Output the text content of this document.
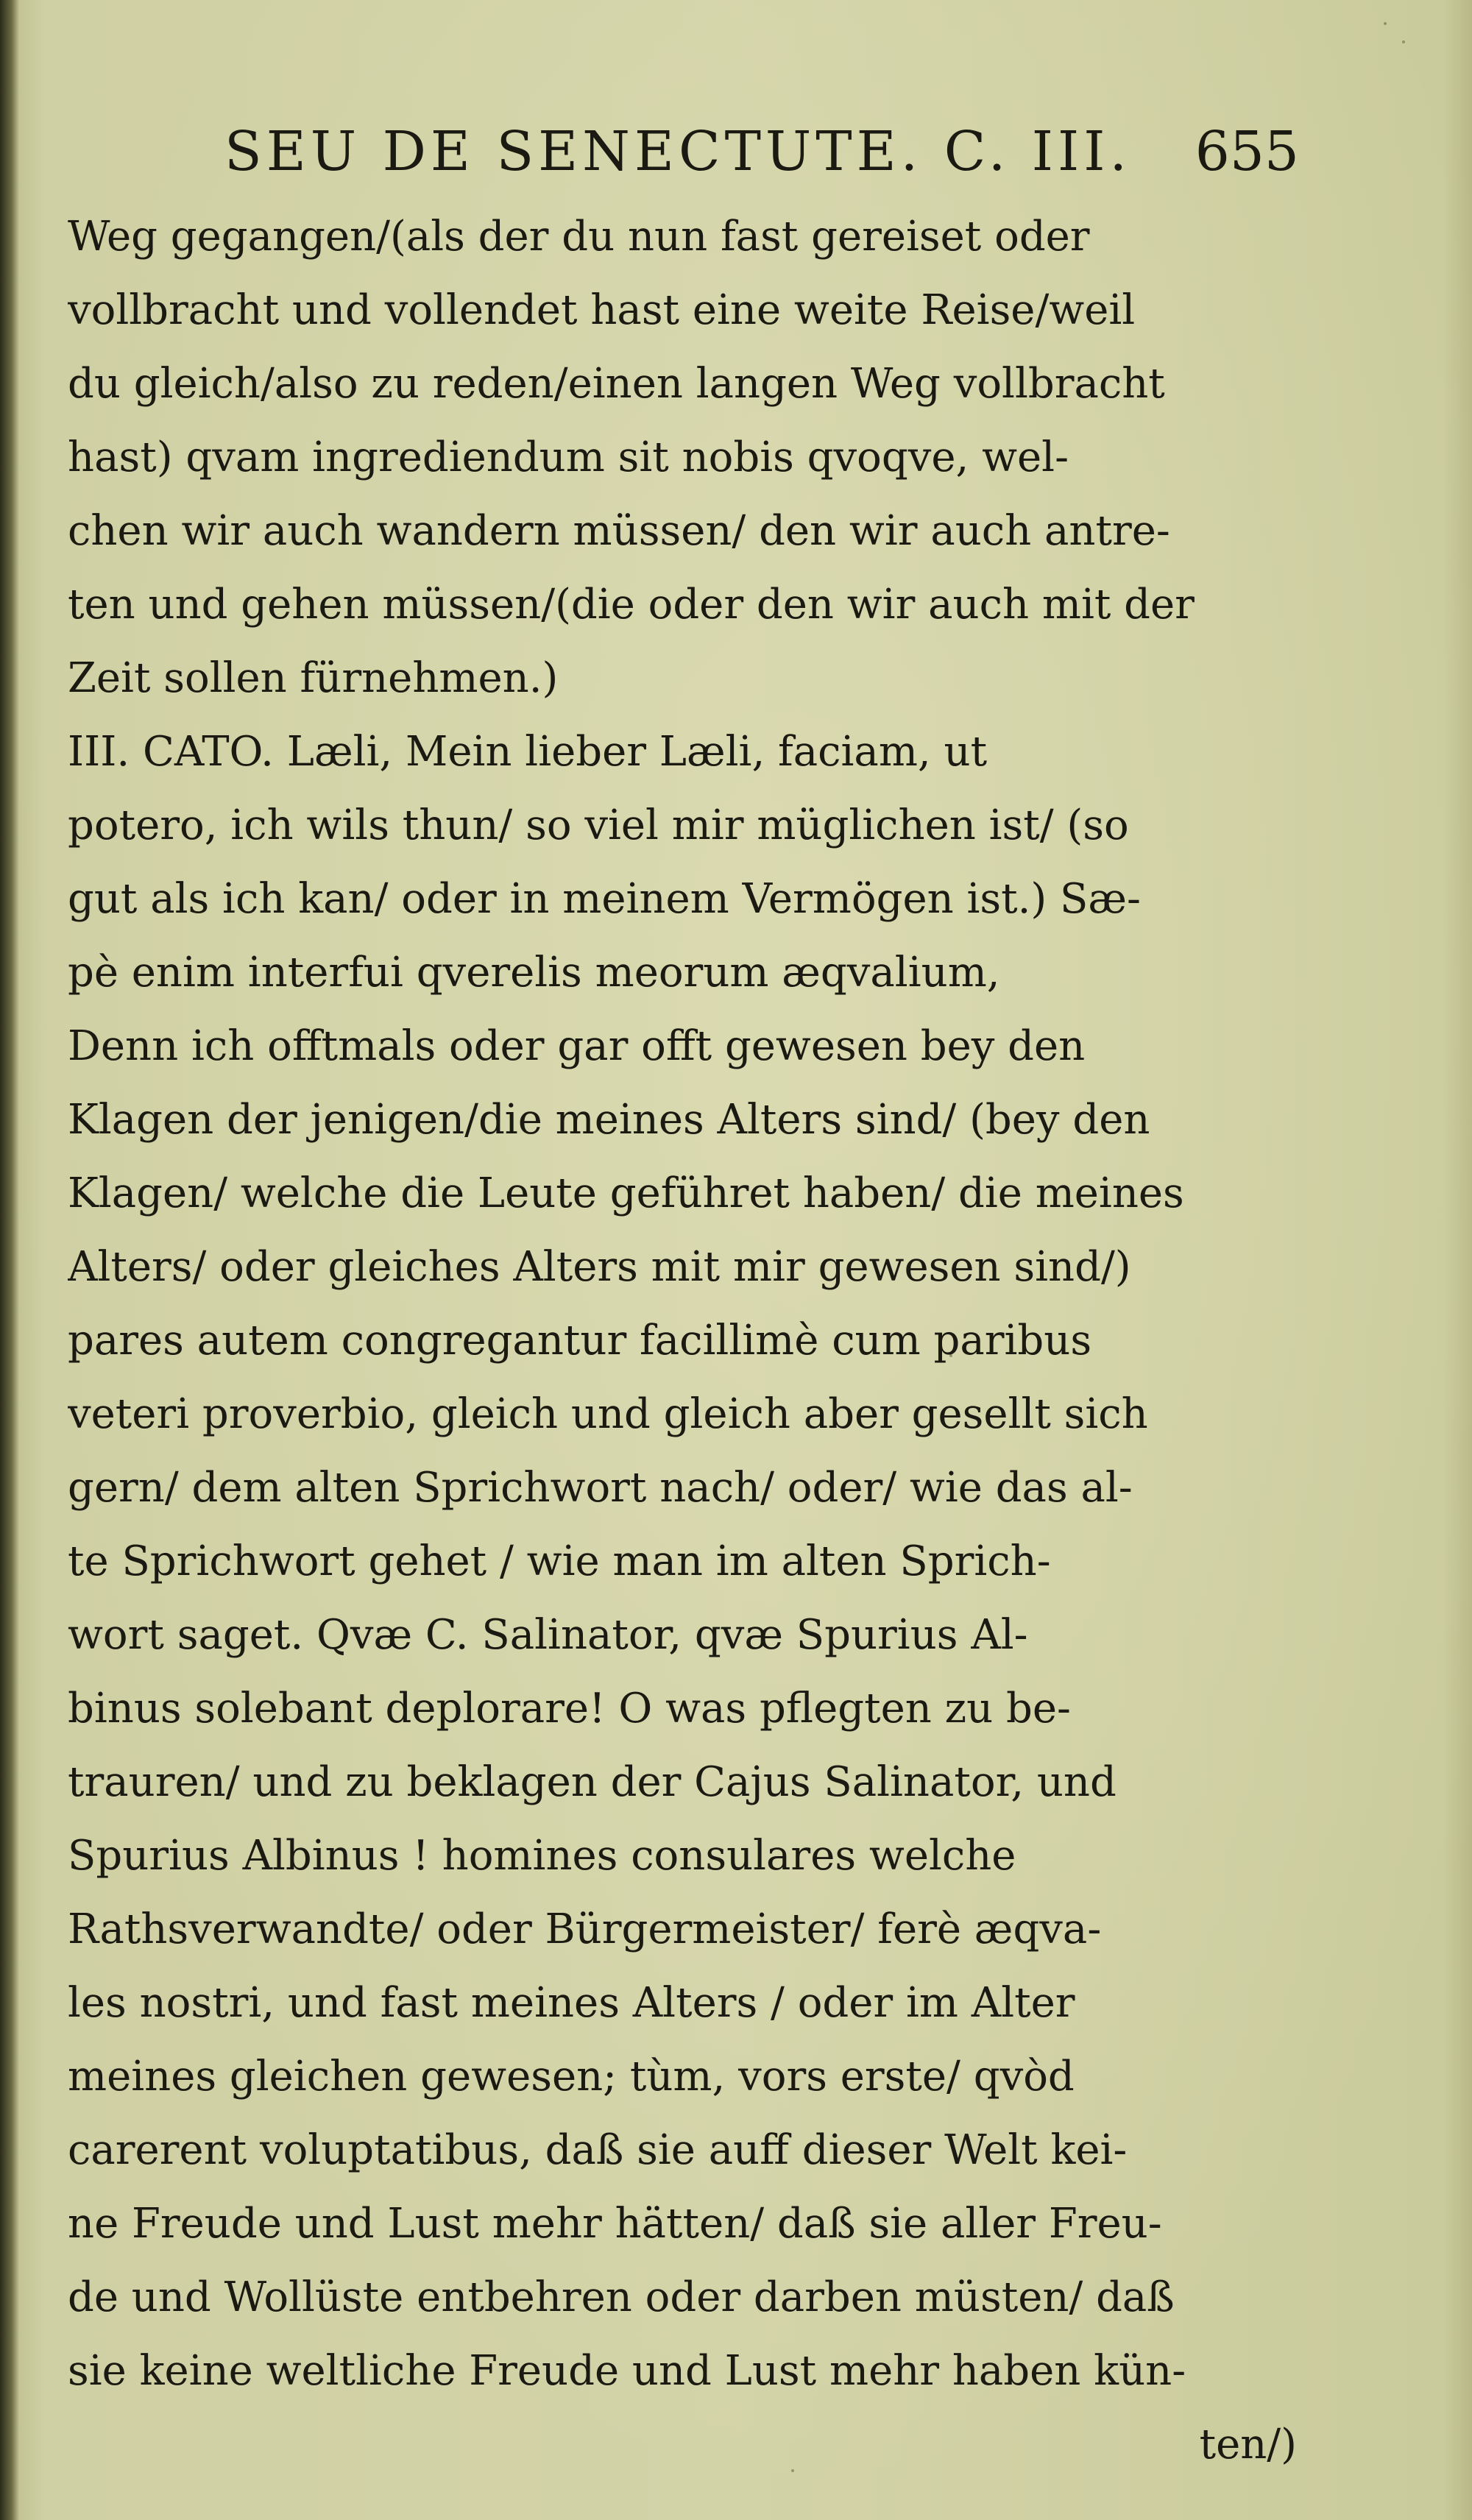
SEU DE SENECTUTE. C. III. 655
Weg gegangen/(als der du nun fast gereiset oder
vollbracht und vollendet hast eine weite Reise/weil
du gleich/also zu reden/einen langen Weg vollbracht
hast) qvam ingrediendum sit nobis qvoqve, wel-
chen wir auch wandern müssen/ den wir auch antre-
ten und gehen müssen/(die oder den wir auch mit der
Zeit sollen fürnehmen.)
III. CATO. Læli, Mein lieber Læli, faciam, ut
potero, ich wils thun/ so viel mir müglichen ist/ (so
gut als ich kan/ oder in meinem Vermögen ist.) Sæ-
pè enim interfui qverelis meorum æqvalium,
Denn ich offtmals oder gar offt gewesen bey den
Klagen der jenigen/die meines Alters sind/ (bey den
Klagen/ welche die Leute geführet haben/ die meines
Alters/ oder gleiches Alters mit mir gewesen sind/)
pares autem congregantur facillimè cum paribus
veteri proverbio, gleich und gleich aber gesellt sich
gern/ dem alten Sprichwort nach/ oder/ wie das al-
te Sprichwort gehet / wie man im alten Sprich-
wort saget. Qvæ C. Salinator, qvæ Spurius Al-
binus solebant deplorare! O was pflegten zu be-
trauren/ und zu beklagen der Cajus Salinator, und
Spurius Albinus ! homines consulares welche
Rathsverwandte/ oder Bürgermeister/ ferè æqva-
les nostri, und fast meines Alters / oder im Alter
meines gleichen gewesen; tùm, vors erste/ qvòd
carerent voluptatibus, daß sie auff dieser Welt kei-
ne Freude und Lust mehr hätten/ daß sie aller Freu-
de und Wollüste entbehren oder darben müsten/ daß
sie keine weltliche Freude und Lust mehr haben kün-
ten/)
